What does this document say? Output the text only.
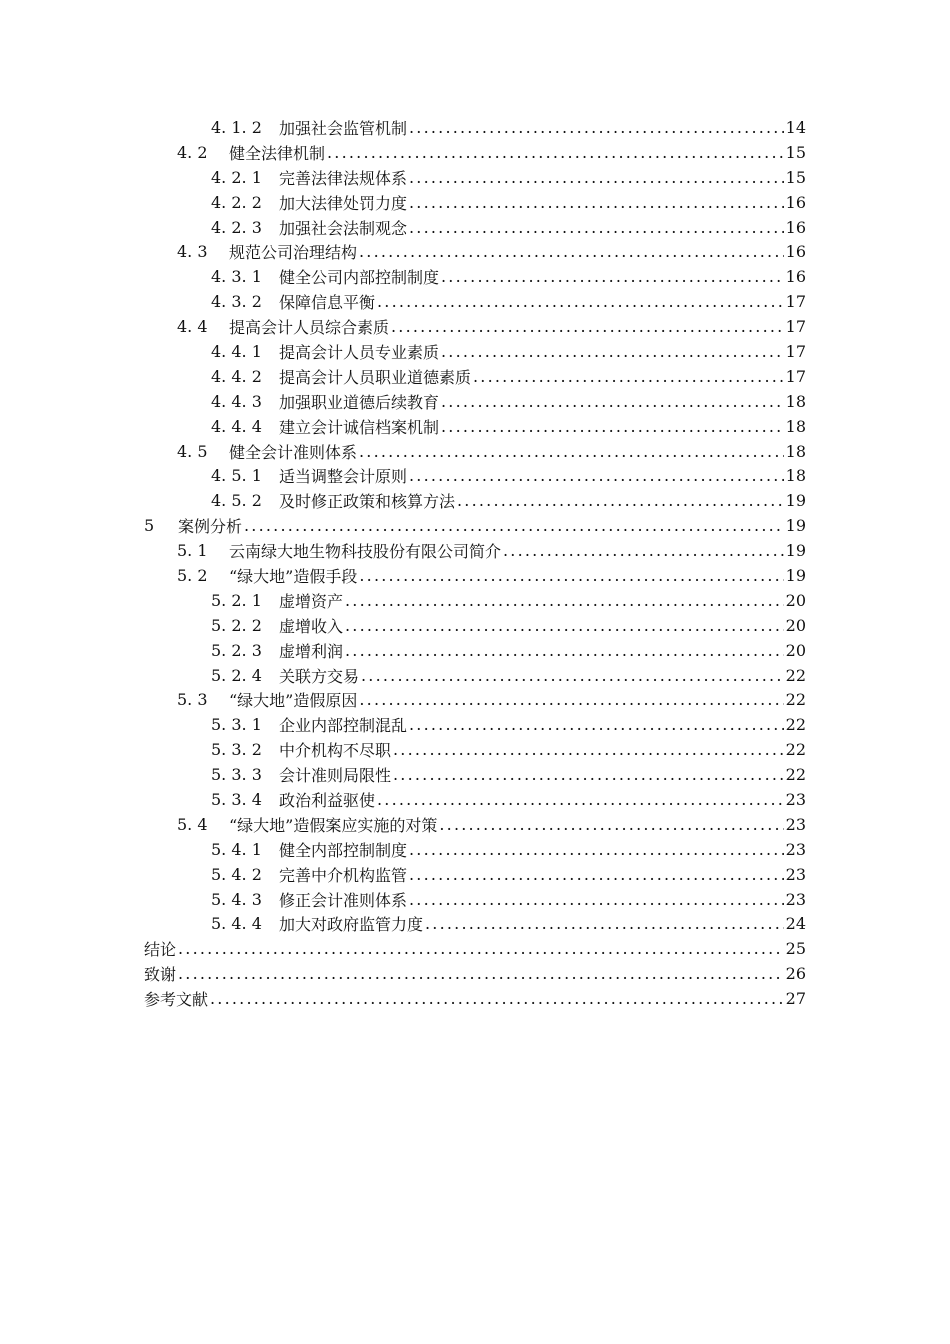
4. 1. 2	加强社会监管机制 .....	14
4. 2	健全法律机制 .....	15
4. 2. 1	完善法律法规体系 .....	15
4. 2. 2	加大法律处罚力度 .....	16
4. 2. 3	加强社会法制观念 .....	16
4. 3	规范公司治理结构 .....	16
4. 3. 1	健全公司内部控制制度 .....	16
4. 3. 2	保障信息平衡 .....	17
4. 4	提高会计人员综合素质 .....	17
4. 4. 1	提高会计人员专业素质 .....	17
4. 4. 2	提高会计人员职业道德素质 .....	17
4. 4. 3	加强职业道德后续教育 .....	18
4. 4. 4	建立会计诚信档案机制 .....	18
4. 5	健全会计准则体系 .....	18
4. 5. 1	适当调整会计原则 .....	18
4. 5. 2	及时修正政策和核算方法 .....	19
5	案例分析 .....	19
5. 1	云南绿大地生物科技股份有限公司简介 .....	19
5. 2	“绿大地”造假手段 .....	19
5. 2. 1	虚增资产 .....	20
5. 2. 2	虚增收入 .....	20
5. 2. 3	虚增利润 .....	20
5. 2. 4	关联方交易 .....	22
5. 3	“绿大地”造假原因 .....	22
5. 3. 1	企业内部控制混乱 .....	22
5. 3. 2	中介机构不尽职 .....	22
5. 3. 3	会计准则局限性 .....	22
5. 3. 4	政治利益驱使 .....	23
5. 4	“绿大地”造假案应实施的对策 .....	23
5. 4. 1	健全内部控制制度 .....	23
5. 4. 2	完善中介机构监管 .....	23
5. 4. 3	修正会计准则体系 .....	23
5. 4. 4	加大对政府监管力度 .....	24
结论 .....	25
致谢 .....	26
参考文献 .....	27
